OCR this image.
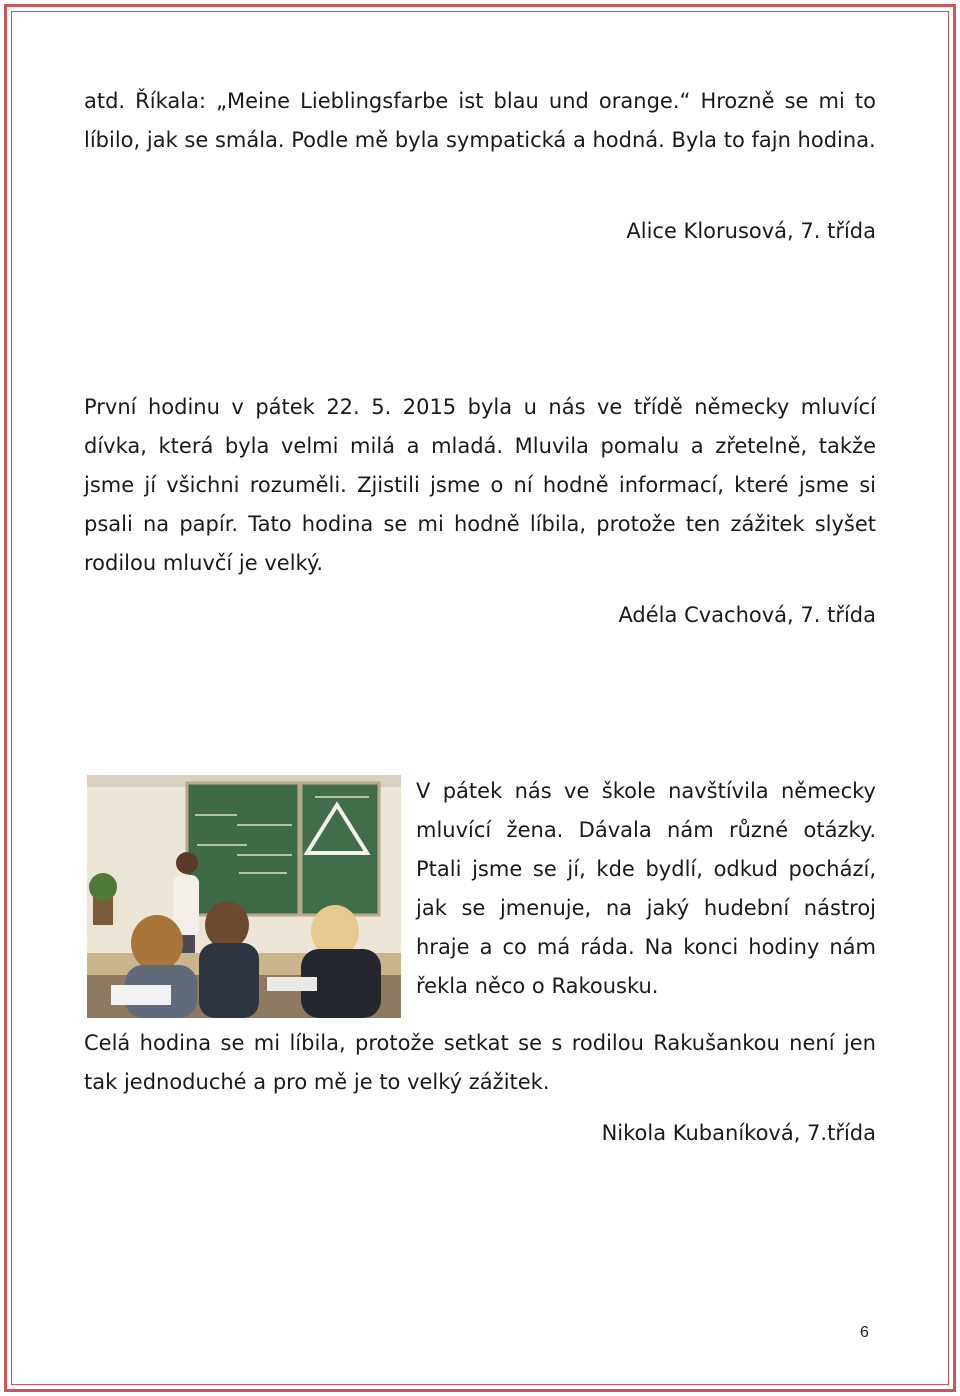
atd. Říkala: „Meine Lieblingsfarbe ist blau und orange.“ Hrozně se mi to líbilo, jak se smála. Podle mě byla sympatická a hodná. Byla to fajn hodina.

Alice Klorusová, 7. třída

První hodinu v pátek 22. 5. 2015 byla u nás ve třídě německy mluvící dívka, která byla velmi milá a mladá. Mluvila pomalu a zřetelně, takže jsme jí všichni rozuměli. Zjistili jsme o ní hodně informací, které jsme si psali na papír. Tato hodina se mi hodně líbila, protože ten zážitek slyšet rodilou mluvčí je velký.

Adéla Cvachová, 7. třída

V pátek nás ve škole navštívila německy mluvící žena. Dávala nám různé otázky. Ptali jsme se jí, kde bydlí, odkud pochází, jak se jmenuje, na jaký hudební nástroj hraje a co má ráda. Na konci hodiny nám řekla něco o Rakousku.

Celá hodina se mi líbila, protože setkat se s rodilou Rakušankou není jen tak jednoduché a pro mě je to velký zážitek.

Nikola Kubaníková, 7.třída
6
